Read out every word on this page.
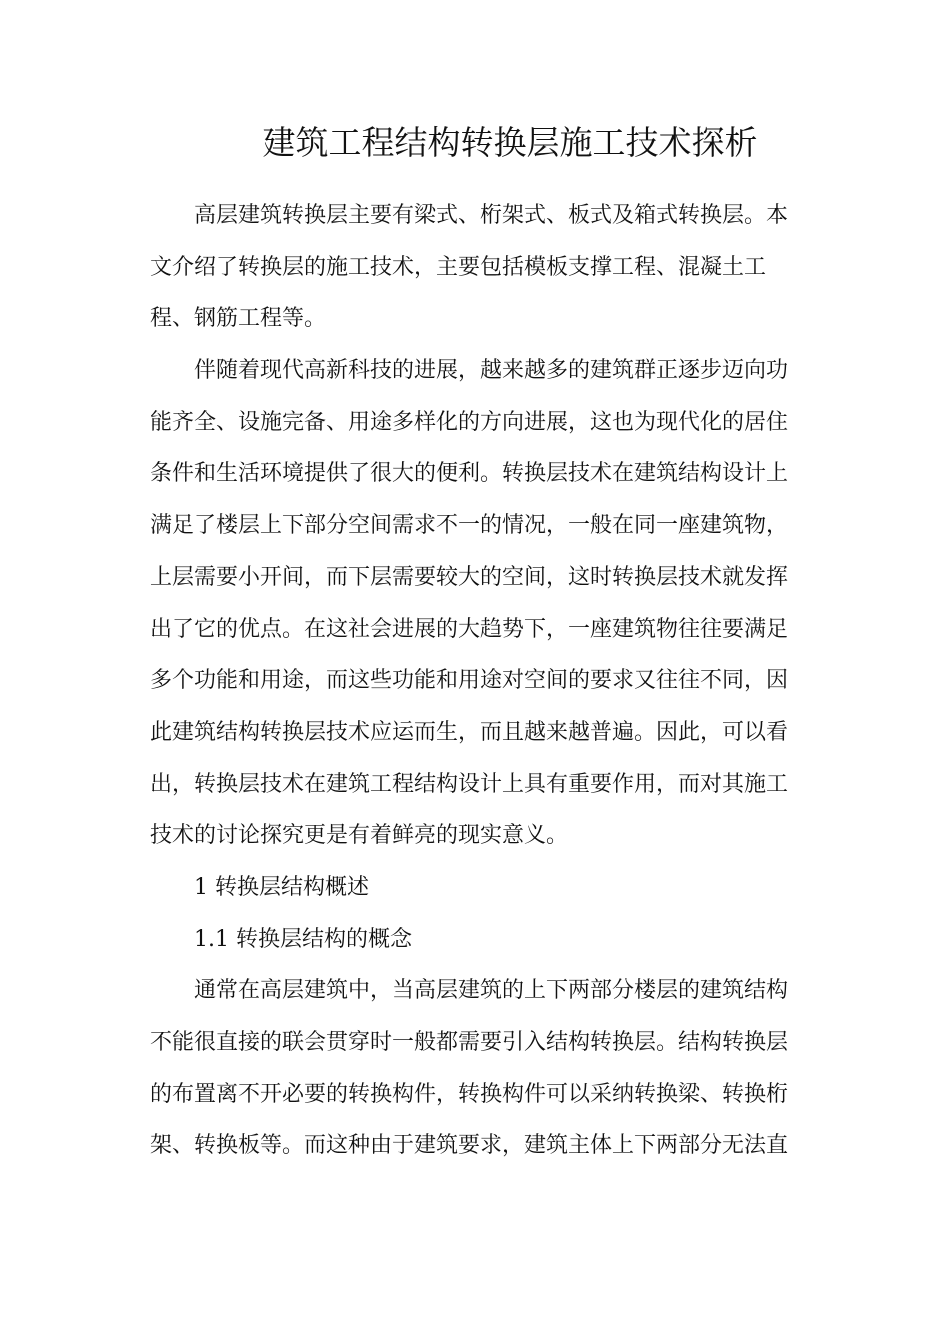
建筑工程结构转换层施工技术探析
高层建筑转换层主要有梁式、桁架式、板式及箱式转换层。本
文介绍了转换层的施工技术，主要包括模板支撑工程、混凝土工
程、钢筋工程等。
伴随着现代高新科技的进展，越来越多的建筑群正逐步迈向功
能齐全、设施完备、用途多样化的方向进展，这也为现代化的居住
条件和生活环境提供了很大的便利。转换层技术在建筑结构设计上
满足了楼层上下部分空间需求不一的情况，一般在同一座建筑物，
上层需要小开间，而下层需要较大的空间，这时转换层技术就发挥
出了它的优点。在这社会进展的大趋势下，一座建筑物往往要满足
多个功能和用途，而这些功能和用途对空间的要求又往往不同，因
此建筑结构转换层技术应运而生，而且越来越普遍。因此，可以看
出，转换层技术在建筑工程结构设计上具有重要作用，而对其施工
技术的讨论探究更是有着鲜亮的现实意义。
1 转换层结构概述
1.1 转换层结构的概念
通常在高层建筑中，当高层建筑的上下两部分楼层的建筑结构
不能很直接的联会贯穿时一般都需要引入结构转换层。结构转换层
的布置离不开必要的转换构件，转换构件可以采纳转换梁、转换桁
架、转换板等。而这种由于建筑要求，建筑主体上下两部分无法直
